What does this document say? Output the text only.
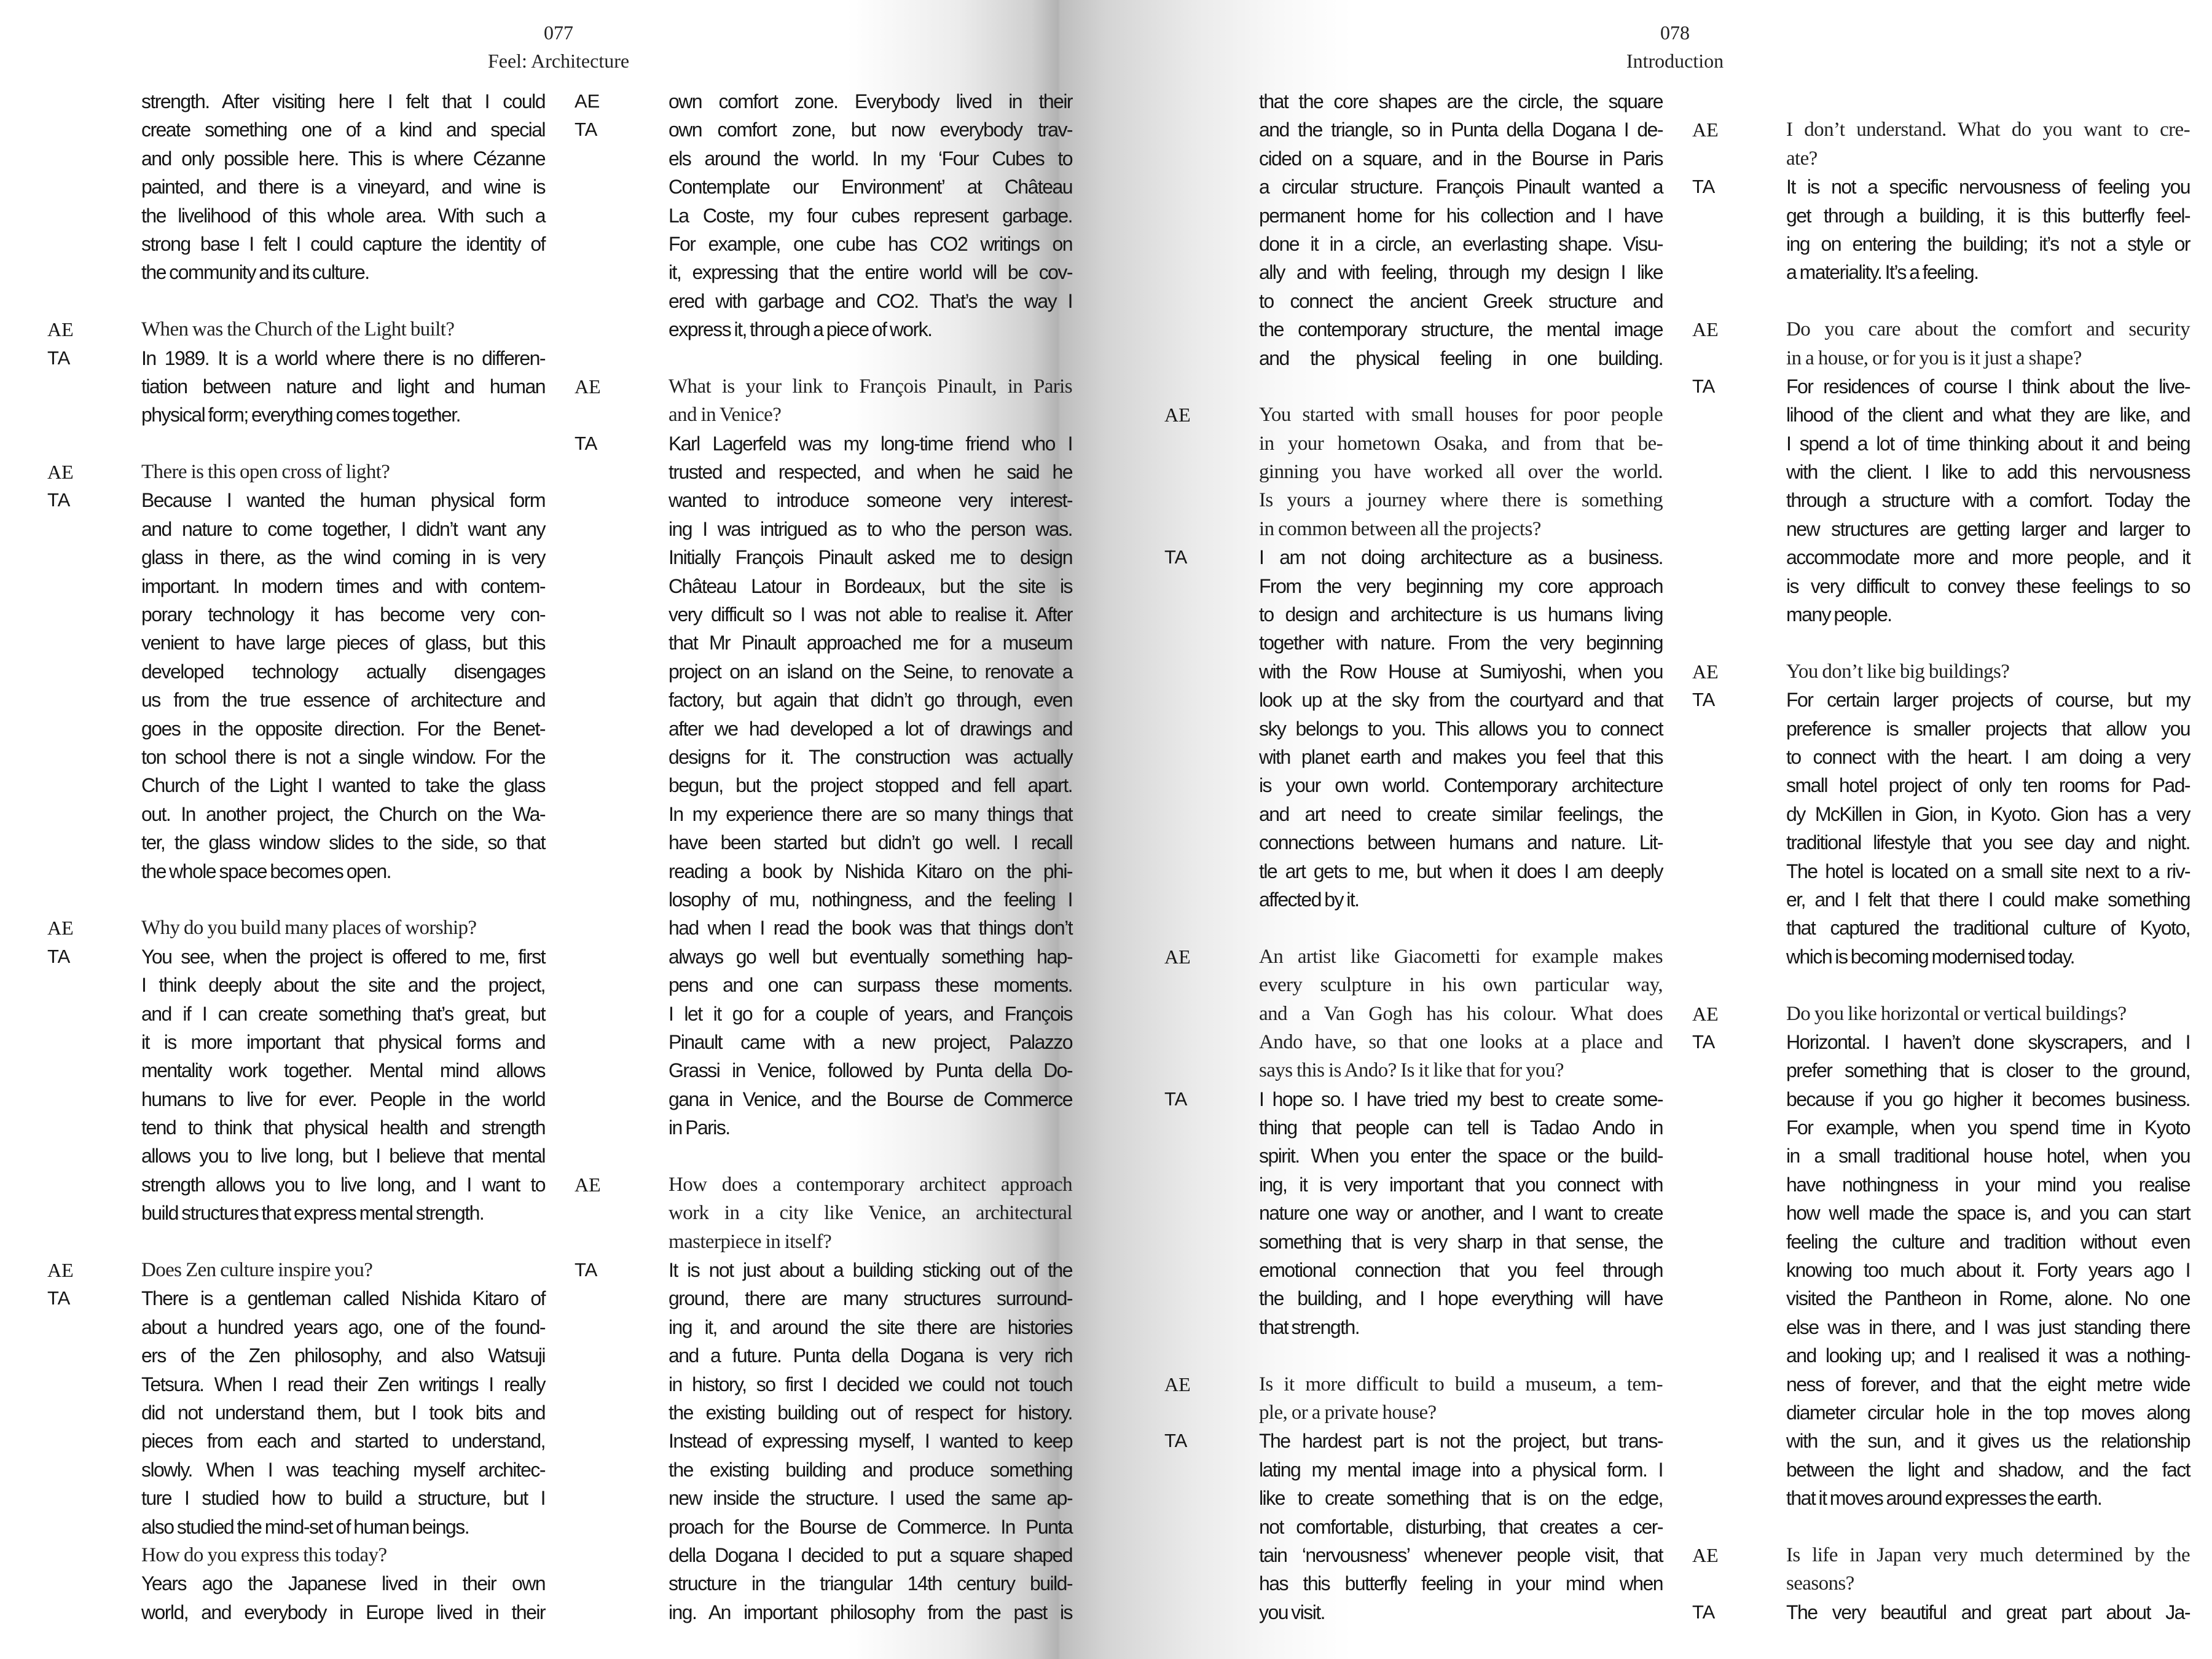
077
Feel: Architecture
078
Introduction
AE
TA
AE
TA
AE
TA
AE
TA
strength. After visiting here I felt that I could
create something one of a kind and special
and only possible here. This is where Cézanne
painted, and there is a vineyard, and wine is
the livelihood of this whole area. With such a
strong base I felt I could capture the identity of
the community and its culture.
When was the Church of the Light built?
In 1989. It is a world where there is no differen-
tiation between nature and light and human
physical form; everything comes together.
There is this open cross of light?
Because I wanted the human physical form
and nature to come together, I didn’t want any
glass in there, as the wind coming in is very
important. In modern times and with contem-
porary technology it has become very con-
venient to have large pieces of glass, but this
developed technology actually disengages
us from the true essence of architecture and
goes in the opposite direction. For the Benet-
ton school there is not a single window. For the
Church of the Light I wanted to take the glass
out. In another project, the Church on the Wa-
ter, the glass window slides to the side, so that
the whole space becomes open.
Why do you build many places of worship?
You see, when the project is offered to me, first
I think deeply about the site and the project,
and if I can create something that’s great, but
it is more important that physical forms and
mentality work together. Mental mind allows
humans to live for ever. People in the world
tend to think that physical health and strength
allows you to live long, but I believe that mental
strength allows you to live long, and I want to
build structures that express mental strength.
Does Zen culture inspire you?
There is a gentleman called Nishida Kitaro of
about a hundred years ago, one of the found-
ers of the Zen philosophy, and also Watsuji
Tetsura. When I read their Zen writings I really
did not understand them, but I took bits and
pieces from each and started to understand,
slowly. When I was teaching myself architec-
ture I studied how to build a structure, but I
also studied the mind-set of human beings.
How do you express this today?
Years ago the Japanese lived in their own
world, and everybody in Europe lived in their
AE
TA
AE
TA
AE
TA
own comfort zone. Everybody lived in their
own comfort zone, but now everybody trav-
els around the world. In my ‘Four Cubes to
Contemplate our Environment’ at Château
La Coste, my four cubes represent garbage.
For example, one cube has CO2 writings on
it, expressing that the entire world will be cov-
ered with garbage and CO2. That’s the way I
express it, through a piece of work.
What is your link to François Pinault, in Paris
and in Venice?
Karl Lagerfeld was my long-time friend who I
trusted and respected, and when he said he
wanted to introduce someone very interest-
ing I was intrigued as to who the person was.
Initially François Pinault asked me to design
Château Latour in Bordeaux, but the site is
very difficult so I was not able to realise it. After
that Mr Pinault approached me for a museum
project on an island on the Seine, to renovate a
factory, but again that didn’t go through, even
after we had developed a lot of drawings and
designs for it. The construction was actually
begun, but the project stopped and fell apart.
In my experience there are so many things that
have been started but didn’t go well. I recall
reading a book by Nishida Kitaro on the phi-
losophy of mu, nothingness, and the feeling I
had when I read the book was that things don’t
always go well but eventually something hap-
pens and one can surpass these moments.
I let it go for a couple of years, and François
Pinault came with a new project, Palazzo
Grassi in Venice, followed by Punta della Do-
gana in Venice, and the Bourse de Commerce
in Paris.
How does a contemporary architect approach
work in a city like Venice, an architectural
masterpiece in itself?
It is not just about a building sticking out of the
ground, there are many structures surround-
ing it, and around the site there are histories
and a future. Punta della Dogana is very rich
in history, so first I decided we could not touch
the existing building out of respect for history.
Instead of expressing myself, I wanted to keep
the existing building and produce something
new inside the structure. I used the same ap-
proach for the Bourse de Commerce. In Punta
della Dogana I decided to put a square shaped
structure in the triangular 14th century build-
ing. An important philosophy from the past is
AE
TA
AE
TA
AE
TA
that the core shapes are the circle, the square
and the triangle, so in Punta della Dogana I de-
cided on a square, and in the Bourse in Paris
a circular structure. François Pinault wanted a
permanent home for his collection and I have
done it in a circle, an everlasting shape. Visu-
ally and with feeling, through my design I like
to connect the ancient Greek structure and
the contemporary structure, the mental image
and the physical feeling in one building.
You started with small houses for poor people
in your hometown Osaka, and from that be-
ginning you have worked all over the world.
Is yours a journey where there is something
in common between all the projects?
I am not doing architecture as a business.
From the very beginning my core approach
to design and architecture is us humans living
together with nature. From the very beginning
with the Row House at Sumiyoshi, when you
look up at the sky from the courtyard and that
sky belongs to you. This allows you to connect
with planet earth and makes you feel that this
is your own world. Contemporary architecture
and art need to create similar feelings, the
connections between humans and nature. Lit-
tle art gets to me, but when it does I am deeply
affected by it.
An artist like Giacometti for example makes
every sculpture in his own particular way,
and a Van Gogh has his colour. What does
Ando have, so that one looks at a place and
says this is Ando? Is it like that for you?
I hope so. I have tried my best to create some-
thing that people can tell is Tadao Ando in
spirit. When you enter the space or the build-
ing, it is very important that you connect with
nature one way or another, and I want to create
something that is very sharp in that sense, the
emotional connection that you feel through
the building, and I hope everything will have
that strength.
Is it more difficult to build a museum, a tem-
ple, or a private house?
The hardest part is not the project, but trans-
lating my mental image into a physical form. I
like to create something that is on the edge,
not comfortable, disturbing, that creates a cer-
tain ‘nervousness’ whenever people visit, that
has this butterfly feeling in your mind when
you visit.
AE
TA
AE
TA
AE
TA
AE
TA
AE
TA
I don’t understand. What do you want to cre-
ate?
It is not a specific nervousness of feeling you
get through a building, it is this butterfly feel-
ing on entering the building; it’s not a style or
a materiality. It’s a feeling.
Do you care about the comfort and security
in a house, or for you is it just a shape?
For residences of course I think about the live-
lihood of the client and what they are like, and
I spend a lot of time thinking about it and being
with the client. I like to add this nervousness
through a structure with a comfort. Today the
new structures are getting larger and larger to
accommodate more and more people, and it
is very difficult to convey these feelings to so
many people.
You don’t like big buildings?
For certain larger projects of course, but my
preference is smaller projects that allow you
to connect with the heart. I am doing a very
small hotel project of only ten rooms for Pad-
dy McKillen in Gion, in Kyoto. Gion has a very
traditional lifestyle that you see day and night.
The hotel is located on a small site next to a riv-
er, and I felt that there I could make something
that captured the traditional culture of Kyoto,
which is becoming modernised today.
Do you like horizontal or vertical buildings?
Horizontal. I haven’t done skyscrapers, and I
prefer something that is closer to the ground,
because if you go higher it becomes business.
For example, when you spend time in Kyoto
in a small traditional house hotel, when you
have nothingness in your mind you realise
how well made the space is, and you can start
feeling the culture and tradition without even
knowing too much about it. Forty years ago I
visited the Pantheon in Rome, alone. No one
else was in there, and I was just standing there
and looking up; and I realised it was a nothing-
ness of forever, and that the eight metre wide
diameter circular hole in the top moves along
with the sun, and it gives us the relationship
between the light and shadow, and the fact
that it moves around expresses the earth.
Is life in Japan very much determined by the
seasons?
The very beautiful and great part about Ja-
